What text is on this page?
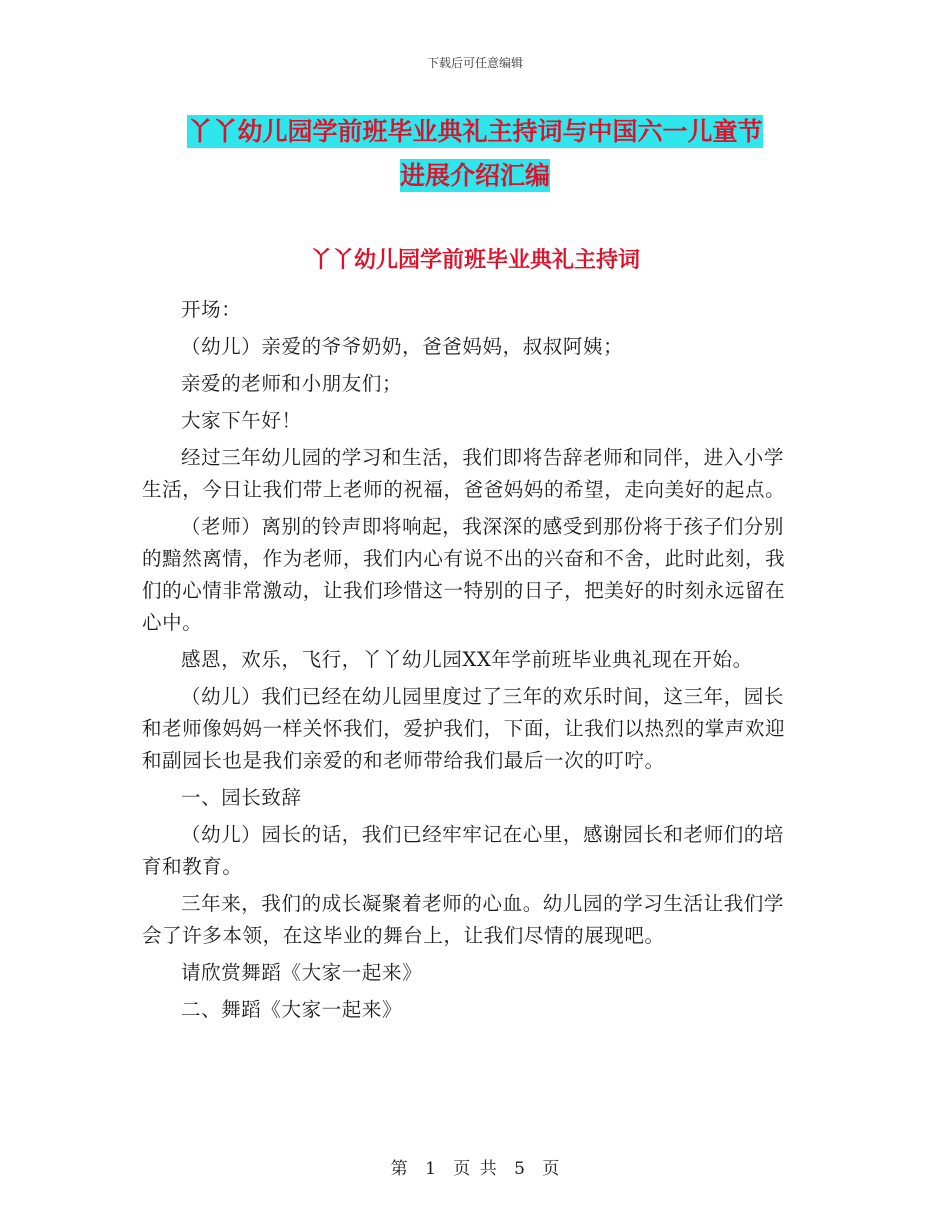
下载后可任意编辑
丫丫幼儿园学前班毕业典礼主持词与中国六一儿童节
进展介绍汇编
丫丫幼儿园学前班毕业典礼主持词

开场：

（幼儿）亲爱的爷爷奶奶，爸爸妈妈，叔叔阿姨；

亲爱的老师和小朋友们；

大家下午好！

经过三年幼儿园的学习和生活，我们即将告辞老师和同伴，进入小学生活，今日让我们带上老师的祝福，爸爸妈妈的希望，走向美好的起点。

（老师）离别的铃声即将响起，我深深的感受到那份将于孩子们分别的黯然离情，作为老师，我们内心有说不出的兴奋和不舍，此时此刻，我们的心情非常激动，让我们珍惜这一特别的日子，把美好的时刻永远留在心中。

感恩，欢乐，飞行，丫丫幼儿园XX年学前班毕业典礼现在开始。

（幼儿）我们已经在幼儿园里度过了三年的欢乐时间，这三年，园长和老师像妈妈一样关怀我们，爱护我们，下面，让我们以热烈的掌声欢迎和副园长也是我们亲爱的和老师带给我们最后一次的叮咛。

一、园长致辞

（幼儿）园长的话，我们已经牢牢记在心里，感谢园长和老师们的培育和教育。

三年来，我们的成长凝聚着老师的心血。幼儿园的学习生活让我们学会了许多本领，在这毕业的舞台上，让我们尽情的展现吧。

请欣赏舞蹈《大家一起来》

二、舞蹈《大家一起来》

第 1 页 共 5 页
